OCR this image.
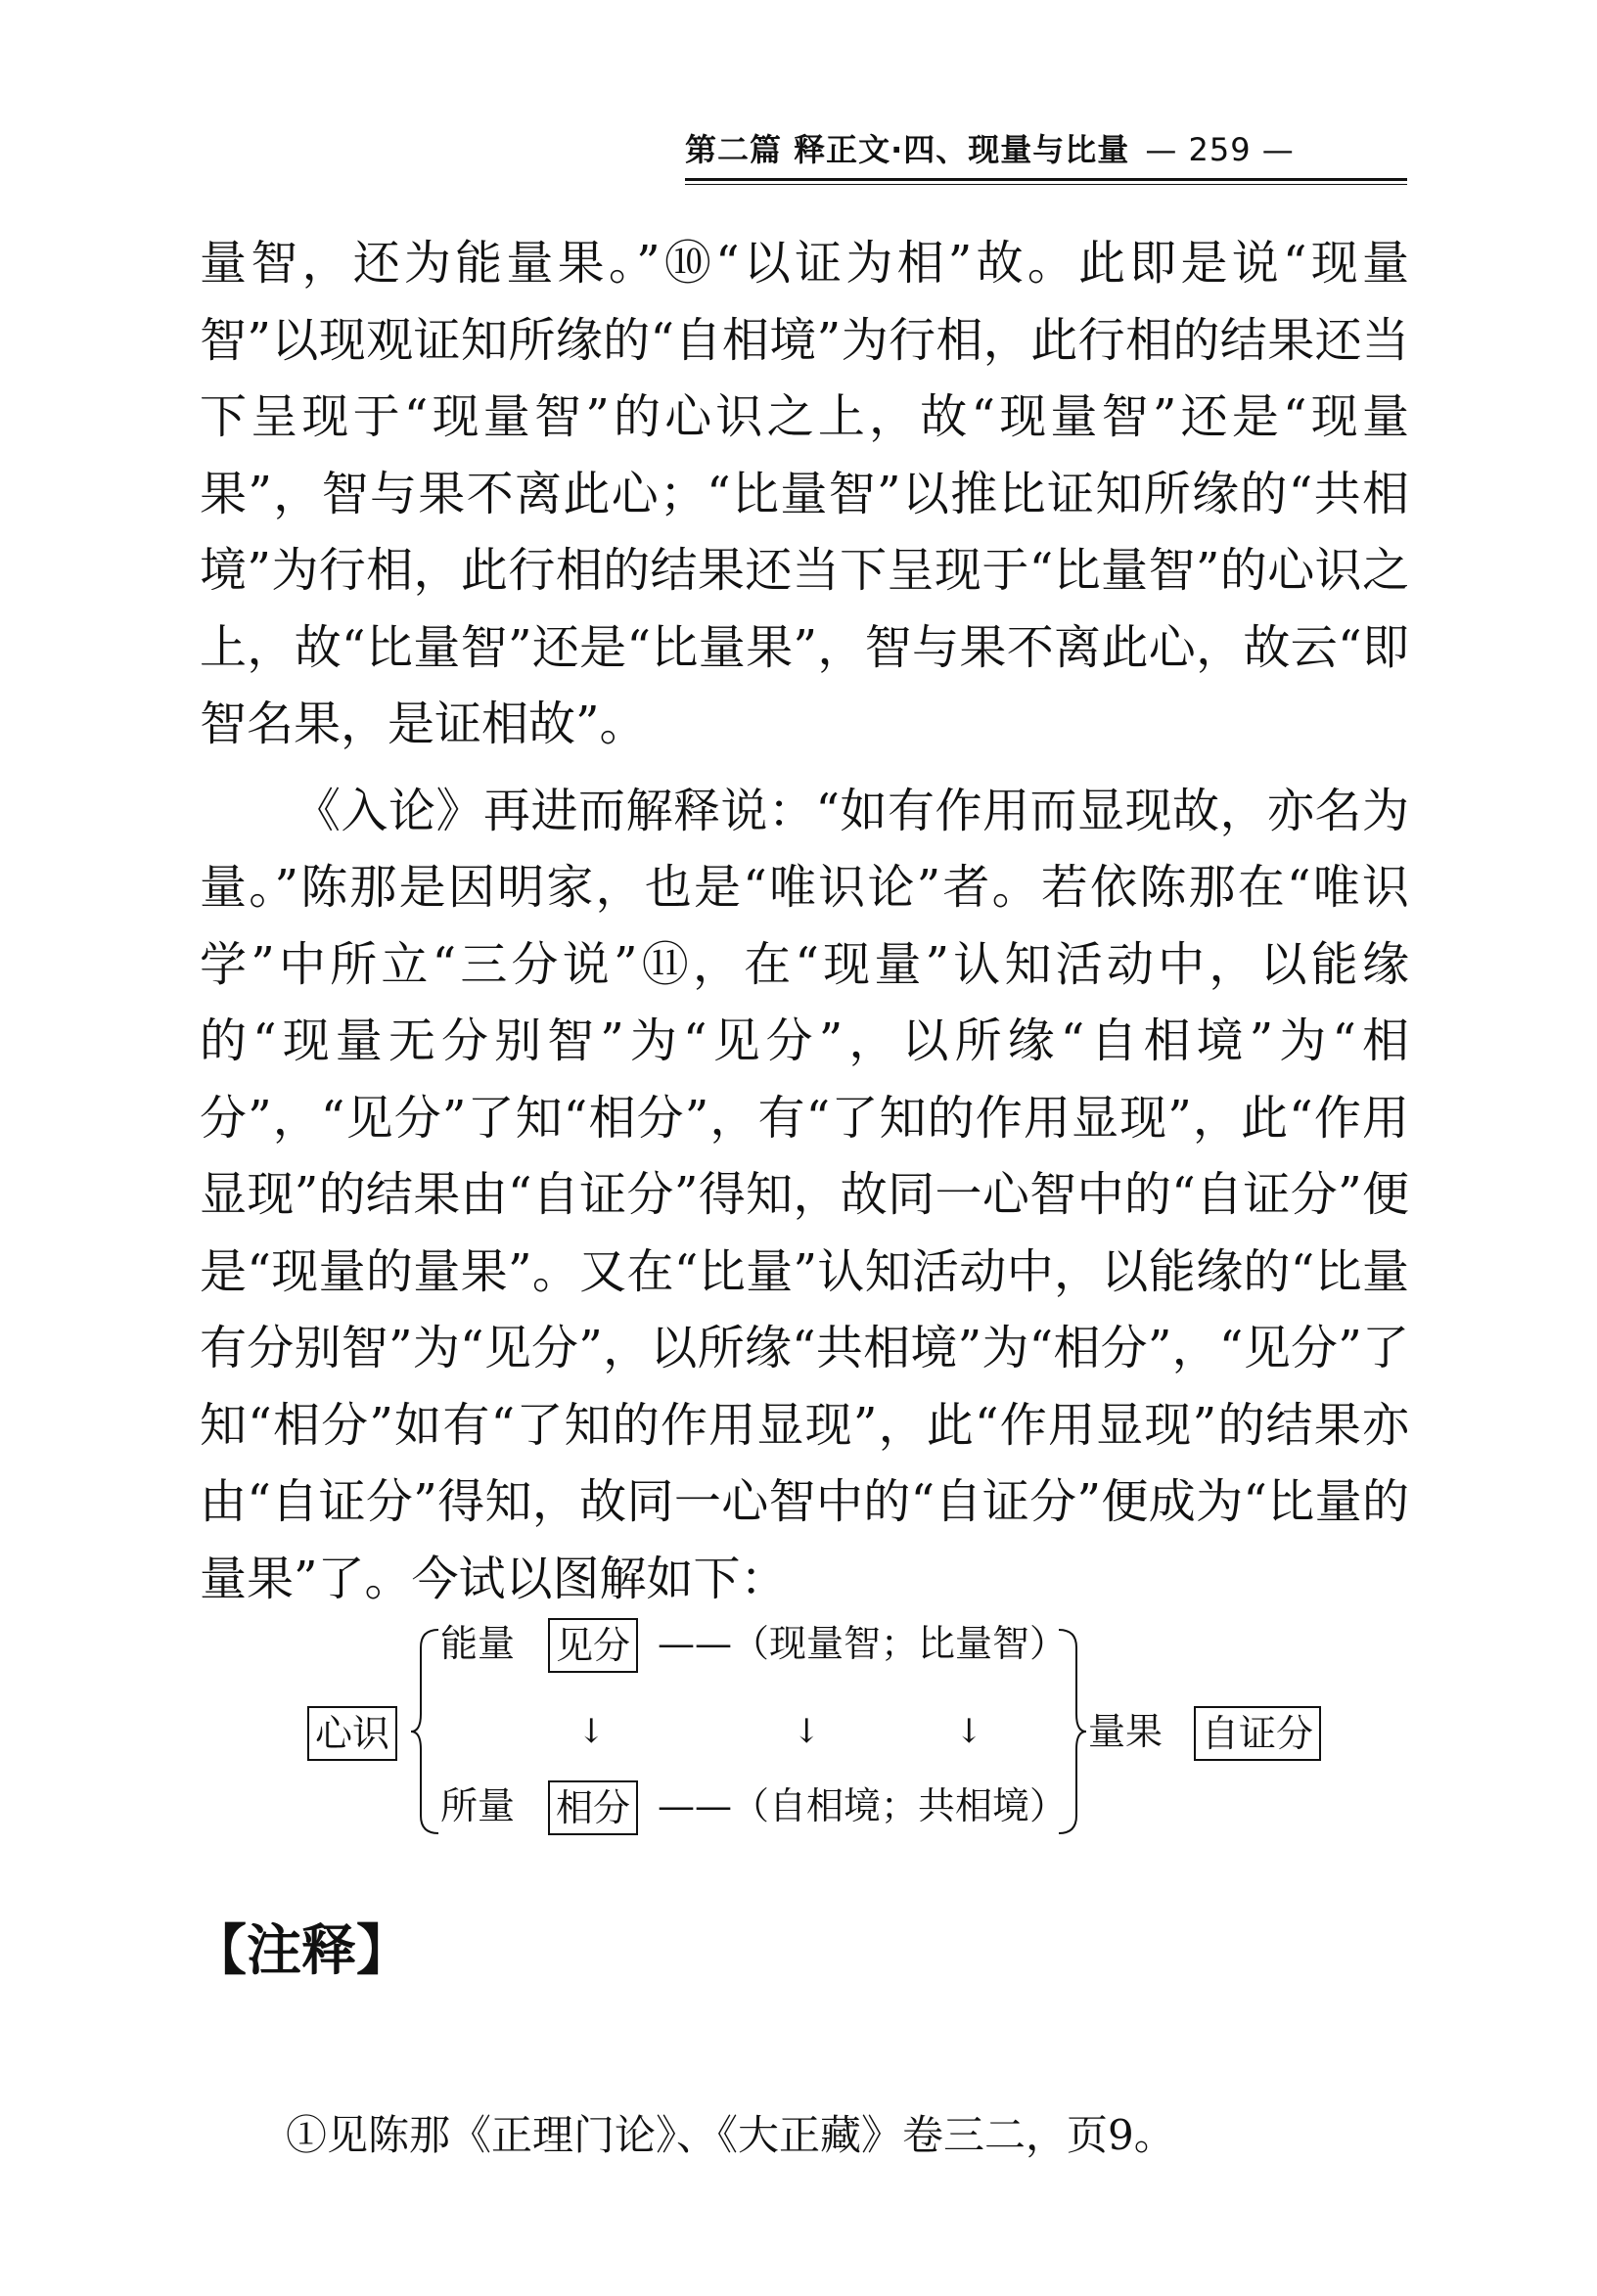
第二篇 释正文·四、现量与比量 — 259 —

量智，还为能量果。”⑩“以证为相”故。此即是说“现量智”以现观证知所缘的“自相境”为行相，此行相的结果还当下呈现于“现量智”的心识之上，故“现量智”还是“现量果”，智与果不离此心；“比量智”以推比证知所缘的“共相境”为行相，此行相的结果还当下呈现于“比量智”的心识之上，故“比量智”还是“比量果”，智与果不离此心，故云“即智名果，是证相故”。

《入论》再进而解释说：“如有作用而显现故，亦名为量。”陈那是因明家，也是“唯识论”者。若依陈那在“唯识学”中所立“三分说”⑪，在“现量”认知活动中，以能缘的“现量无分别智”为“见分”，以所缘“自相境”为“相分”，“见分”了知“相分”，有“了知的作用显现”，此“作用显现”的结果由“自证分”得知，故同一心智中的“自证分”便是“现量的量果”。又在“比量”认知活动中，以能缘的“比量有分别智”为“见分”，以所缘“共相境”为“相分”，“见分”了知“相分”如有“了知的作用显现”，此“作用显现”的结果亦由“自证分”得知，故同一心智中的“自证分”便成为“比量的量果”了。今试以图解如下：

心识
能量 见分 ——（现量智；比量智）
↓	↓	↓
所量 相分 ——（自相境；共相境）
量果 自证分
【注释】
①见陈那《正理门论》、《大正藏》卷三二，页9。
